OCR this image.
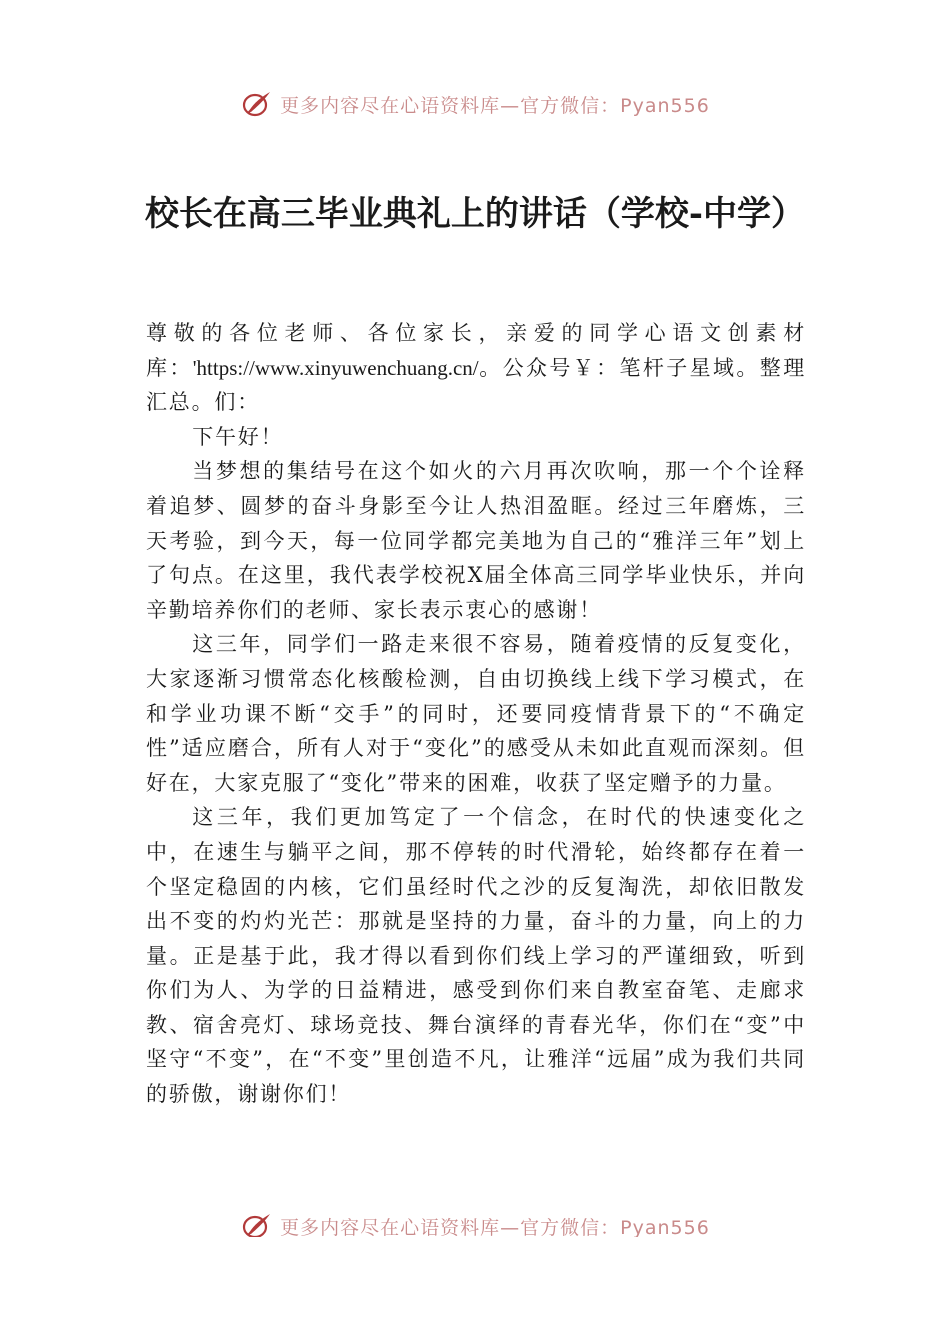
更多内容尽在心语资料库—官方微信：Pyan556
校长在高三毕业典礼上的讲话（学校-中学）

尊敬的各位老师、各位家长，亲爱的同学心语文创素材库：'https://www.xinyuwenchuang.cn/。公众号￥：笔杆子星域。整理汇总。们：

下午好！

当梦想的集结号在这个如火的六月再次吹响，那一个个诠释着追梦、圆梦的奋斗身影至今让人热泪盈眶。经过三年磨炼，三天考验，到今天，每一位同学都完美地为自己的“雅洋三年”划上了句点。在这里，我代表学校祝X届全体高三同学毕业快乐，并向辛勤培养你们的老师、家长表示衷心的感谢！

这三年，同学们一路走来很不容易，随着疫情的反复变化，大家逐渐习惯常态化核酸检测，自由切换线上线下学习模式，在和学业功课不断“交手”的同时，还要同疫情背景下的“不确定性”适应磨合，所有人对于“变化”的感受从未如此直观而深刻。但好在，大家克服了“变化”带来的困难，收获了坚定赠予的力量。

这三年，我们更加笃定了一个信念，在时代的快速变化之中，在速生与躺平之间，那不停转的时代滑轮，始终都存在着一个坚定稳固的内核，它们虽经时代之沙的反复淘洗，却依旧散发出不变的灼灼光芒：那就是坚持的力量，奋斗的力量，向上的力量。正是基于此，我才得以看到你们线上学习的严谨细致，听到你们为人、为学的日益精进，感受到你们来自教室奋笔、走廊求教、宿舍亮灯、球场竞技、舞台演绎的青春光华，你们在“变”中坚守“不变”，在“不变”里创造不凡，让雅洋“远届”成为我们共同的骄傲，谢谢你们！

更多内容尽在心语资料库—官方微信：Pyan556
